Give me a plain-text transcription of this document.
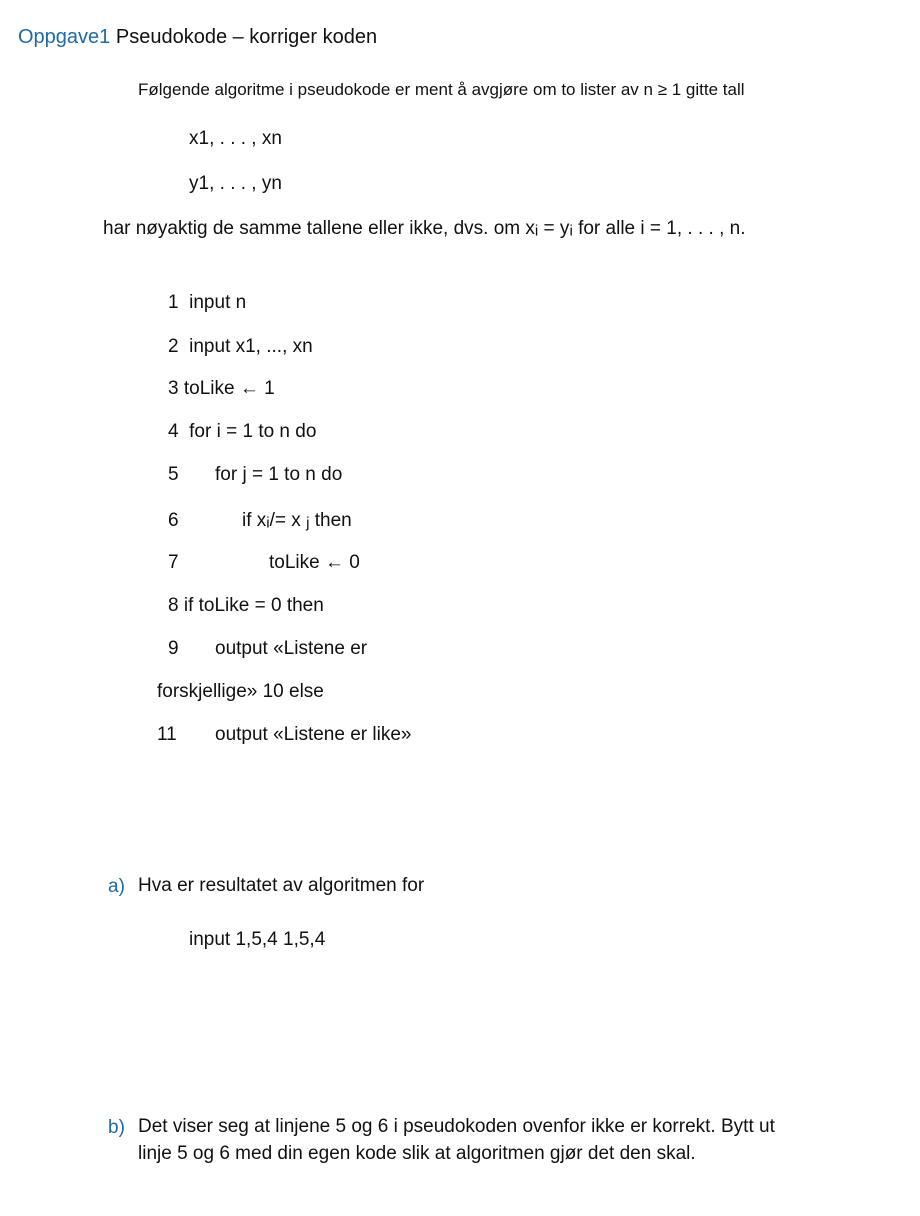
Oppgave1 Pseudokode – korriger koden
Følgende algoritme i pseudokode er ment å avgjøre om to lister av n ≥ 1 gitte tall
x1, . . . , xn
y1, . . . , yn
har nøyaktig de samme tallene eller ikke, dvs. om $x_i = y_i$ for alle i = 1, . . . , n.
1 input n
2 input x1, ..., xn
3 toLike ← 1
4 for i = 1 to n do
5 for j = 1 to n do
6	if $x_i/= x$ $_j$ then
7	toLike ← 0
8 if toLike = 0 then
9 output «Listene er
forskjellige» 10 else
11 output «Listene er like»
a) Hva er resultatet av algoritmen for
input 1,5,4 1,5,4
b) Det viser seg at linjene 5 og 6 i pseudokoden ovenfor ikke er korrekt. Bytt ut
linje 5 og 6 med din egen kode slik at algoritmen gjør det den skal.
